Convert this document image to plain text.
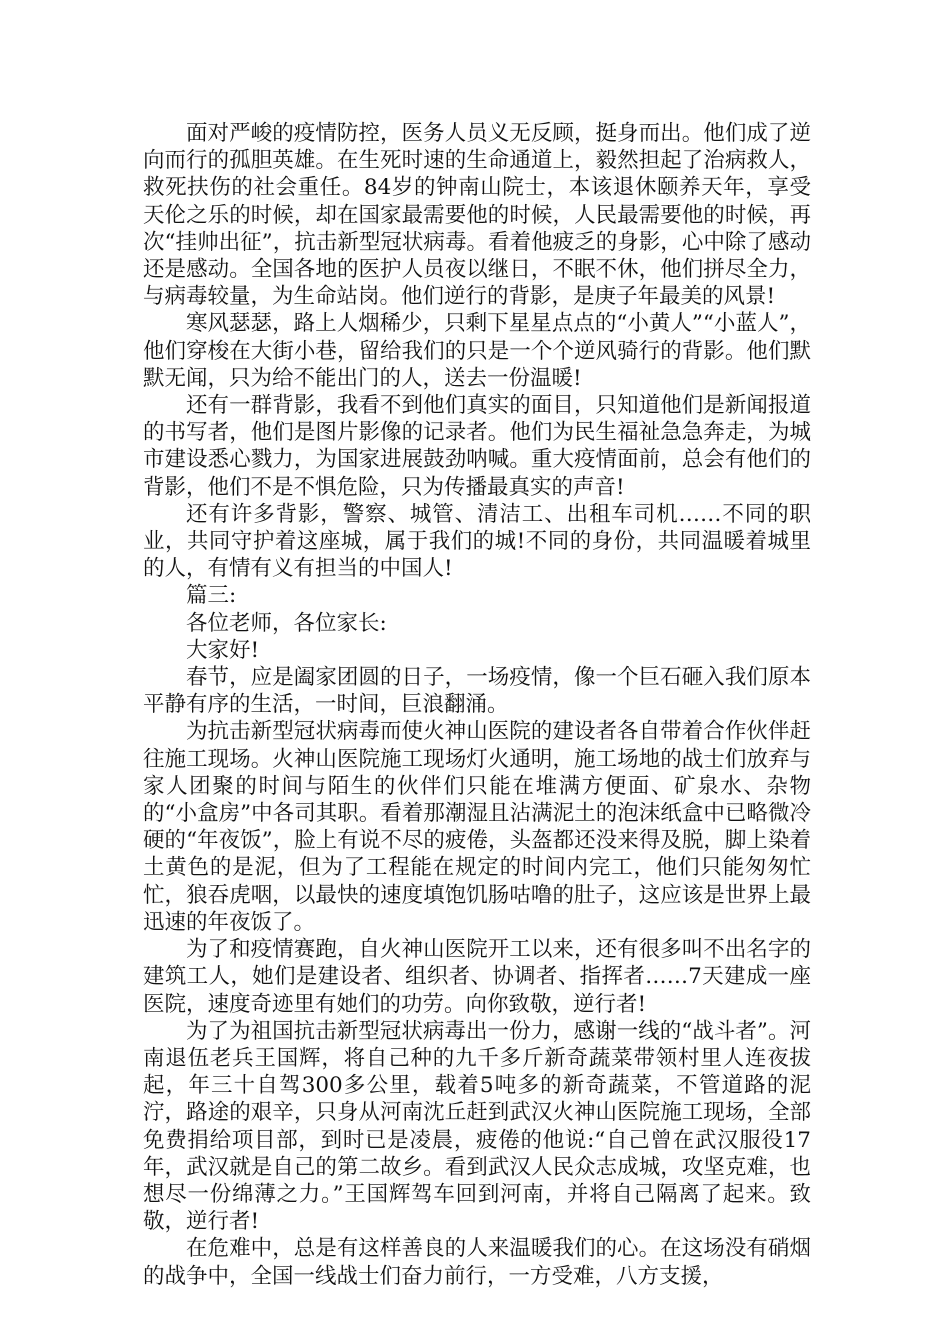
面对严峻的疫情防控，医务人员义无反顾，挺身而出。他们成了逆向而行的孤胆英雄。在生死时速的生命通道上，毅然担起了治病救人，救死扶伤的社会重任。84岁的钟南山院士，本该退休颐养天年，享受天伦之乐的时候，却在国家最需要他的时候，人民最需要他的时候，再次“挂帅出征”，抗击新型冠状病毒。看着他疲乏的身影，心中除了感动还是感动。全国各地的医护人员夜以继日，不眠不休，他们拼尽全力，与病毒较量，为生命站岗。他们逆行的背影，是庚子年最美的风景!

寒风瑟瑟，路上人烟稀少，只剩下星星点点的“小黄人”“小蓝人”，他们穿梭在大街小巷，留给我们的只是一个个逆风骑行的背影。他们默默无闻，只为给不能出门的人，送去一份温暖!

还有一群背影，我看不到他们真实的面目，只知道他们是新闻报道的书写者，他们是图片影像的记录者。他们为民生福祉急急奔走，为城市建设悉心戮力，为国家进展鼓劲呐喊。重大疫情面前，总会有他们的背影，他们不是不惧危险，只为传播最真实的声音!

还有许多背影，警察、城管、清洁工、出租车司机……不同的职业，共同守护着这座城，属于我们的城!不同的身份，共同温暖着城里的人，有情有义有担当的中国人!

篇三:

各位老师，各位家长:

大家好!

春节，应是阖家团圆的日子，一场疫情，像一个巨石砸入我们原本平静有序的生活，一时间，巨浪翻涌。

为抗击新型冠状病毒而使火神山医院的建设者各自带着合作伙伴赶往施工现场。火神山医院施工现场灯火通明，施工场地的战士们放弃与家人团聚的时间与陌生的伙伴们只能在堆满方便面、矿泉水、杂物的“小盒房”中各司其职。看着那潮湿且沾满泥土的泡沫纸盒中已略微冷硬的“年夜饭”，脸上有说不尽的疲倦，头盔都还没来得及脱，脚上染着土黄色的是泥，但为了工程能在规定的时间内完工，他们只能匆匆忙忙，狼吞虎咽，以最快的速度填饱饥肠咕噜的肚子，这应该是世界上最迅速的年夜饭了。

为了和疫情赛跑，自火神山医院开工以来，还有很多叫不出名字的建筑工人，她们是建设者、组织者、协调者、指挥者……7天建成一座医院，速度奇迹里有她们的功劳。向你致敬，逆行者!

为了为祖国抗击新型冠状病毒出一份力，感谢一线的“战斗者”。河南退伍老兵王国辉，将自己种的九千多斤新奇蔬菜带领村里人连夜拔起，年三十自驾300多公里，载着5吨多的新奇蔬菜，不管道路的泥泞，路途的艰辛，只身从河南沈丘赶到武汉火神山医院施工现场，全部免费捐给项目部，到时已是凌晨，疲倦的他说:“自己曾在武汉服役17年，武汉就是自己的第二故乡。看到武汉人民众志成城，攻坚克难，也想尽一份绵薄之力。”王国辉驾车回到河南，并将自己隔离了起来。致敬，逆行者!

在危难中，总是有这样善良的人来温暖我们的心。在这场没有硝烟的战争中，全国一线战士们奋力前行，一方受难，八方支援，
